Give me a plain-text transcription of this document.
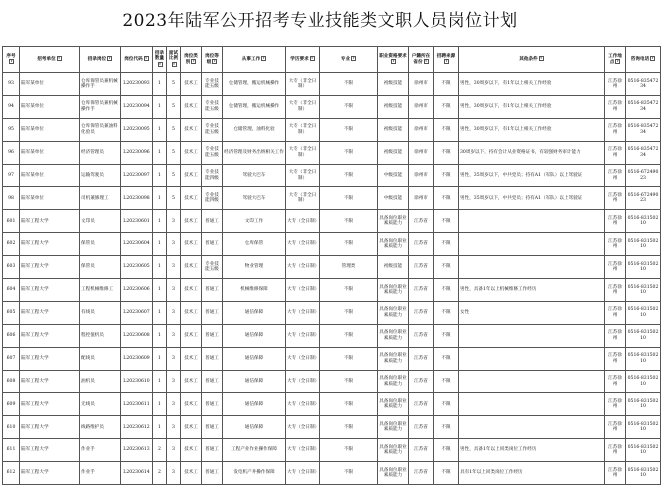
2023年陆军公开招考专业技能类文职人员岗位计划
序号▾	招考单位 ▾	招录岗位 ▾	岗位代码 ▾	招录数量▾	面试比例▾	岗位类别 ▾	岗位等级 ▾	从事工作 ▾	学历要求 ▾	专业 ▾	职业资格要求▾	户籍所在省份 ▾	招聘来源▾	其他条件 ▾	工作地点 ▾	咨询电话 ▾
93	陆军某单位	仓库保管员兼机械操作手	L20230093	1	5	技术工	专业技能五级	仓储管理，搬运机械操作	大专（非全日制）	不限	初级技能	徐州市	不限	男性，30周岁以下，有1年以上相关工作经验	江苏徐州	0516-83547234
94	陆军某单位	仓库保管员兼机械操作手	L20230094	1	5	技术工	专业技能五级	仓储管理，搬运机械操作	大专（非全日制）	不限	初级技能	徐州市	不限	男性，30周岁以下，有1年以上相关工作经验	江苏徐州	0516-83547234
95	陆军某单位	仓库保管员兼油料化验员	L20230095	1	5	技术工	专业技能五级	仓储管理，油料化验	大专（非全日制）	不限	初级技能	徐州市	不限	男性，30周岁以下，有1年以上相关工作经验	江苏徐州	0516-83547234
96	陆军某单位	经济管理员	L20230096	1	5	技术工	专业技能五级	经济管理及财务出纳相关工作	大专（非全日制）	不限	初级技能	徐州市	不限	30周岁以下，持有会计从业资格证书，有较强财务审计能力	江苏徐州	0516-83547234
97	陆军某单位	运输驾驶员	L20230097	1	5	技术工	专业技能四级	驾驶大巴车	大专（非全日制）	不限	中级技能	徐州市	不限	男性，35周岁以下，中共党员；持有A1（军队）以上驾驶证	江苏徐州	0516-67249023
98	陆军某单位	司机兼修理工	L20230098	1	5	技术工	专业技能四级	驾驶大巴车	大专（非全日制）	不限	中级技能	徐州市	不限	男性，35周岁以下，中共党员；持有A1（军队）以上驾驶证	江苏徐州	0516-67249023
601	陆军工程大学	文印员	L20230601	1	3	技术工	普通工	文印工作	大专（全日制）	不限	具备岗位职业素质能力	江苏省	不限		江苏徐州	0516-83150210
602	陆军工程大学	保管员	L20230604	1	3	技术工	普通工	仓库保管	大专（全日制）	不限	具备岗位职业素质能力	江苏省	不限		江苏徐州	0516-83150210
603	陆军工程大学	保管员	L20230605	1	3	技术工	专业技能五级	物业管理	大专（全日制）	管理类	初级技能	江苏省	不限		江苏徐州	0516-83150210
604	陆军工程大学	工程机械维修工	L20230606	1	3	技术工	普通工	机械维修保障	大专（全日制）	不限	具备岗位职业素质能力	江苏省	不限	男性，具备1年以上机械维修工作经历	江苏徐州	0516-83150210
605	陆军工程大学	有线员	L20230607	1	3	技术工	普通工	通信保障	大专（全日制）	不限	具备岗位职业素质能力	江苏省	不限	女性	江苏徐州	0516-83150210
606	陆军工程大学	程控值机员	L20230608	1	3	技术工	普通工	通信保障	大专（全日制）	不限	具备岗位职业素质能力	江苏省	不限		江苏徐州	0516-83150210
607	陆军工程大学	配线员	L20230609	1	3	技术工	普通工	通信保障	大专（全日制）	不限	具备岗位职业素质能力	江苏省	不限		江苏徐州	0516-83150210
608	陆军工程大学	油机员	L20230610	1	3	技术工	普通工	通信保障	大专（全日制）	不限	具备岗位职业素质能力	江苏省	不限		江苏徐州	0516-83150210
609	陆军工程大学	无线员	L20230611	1	3	技术工	普通工	通信保障	大专（全日制）	不限	具备岗位职业素质能力	江苏省	不限		江苏徐州	0516-83150210
610	陆军工程大学	线路维护员	L20230612	1	3	技术工	普通工	通信保障	大专（全日制）	不限	具备岗位职业素质能力	江苏省	不限		江苏徐州	0516-83150210
611	陆军工程大学	作业手	L20230613	2	3	技术工	普通工	工程产业作业操作保障	大专（全日制）	不限	具备岗位职业素质能力	江苏省	不限	男性，具备1年以上同类岗位工作经历	江苏徐州	0516-83150210
612	陆军工程大学	作业手	L20230614	2	3	技术工	普通工	发电机产井操作保障	大专（全日制）	不限	具备岗位职业素质能力	江苏省	不限	具有1年以上同类岗位工作经历	江苏徐州	0516-83150210
